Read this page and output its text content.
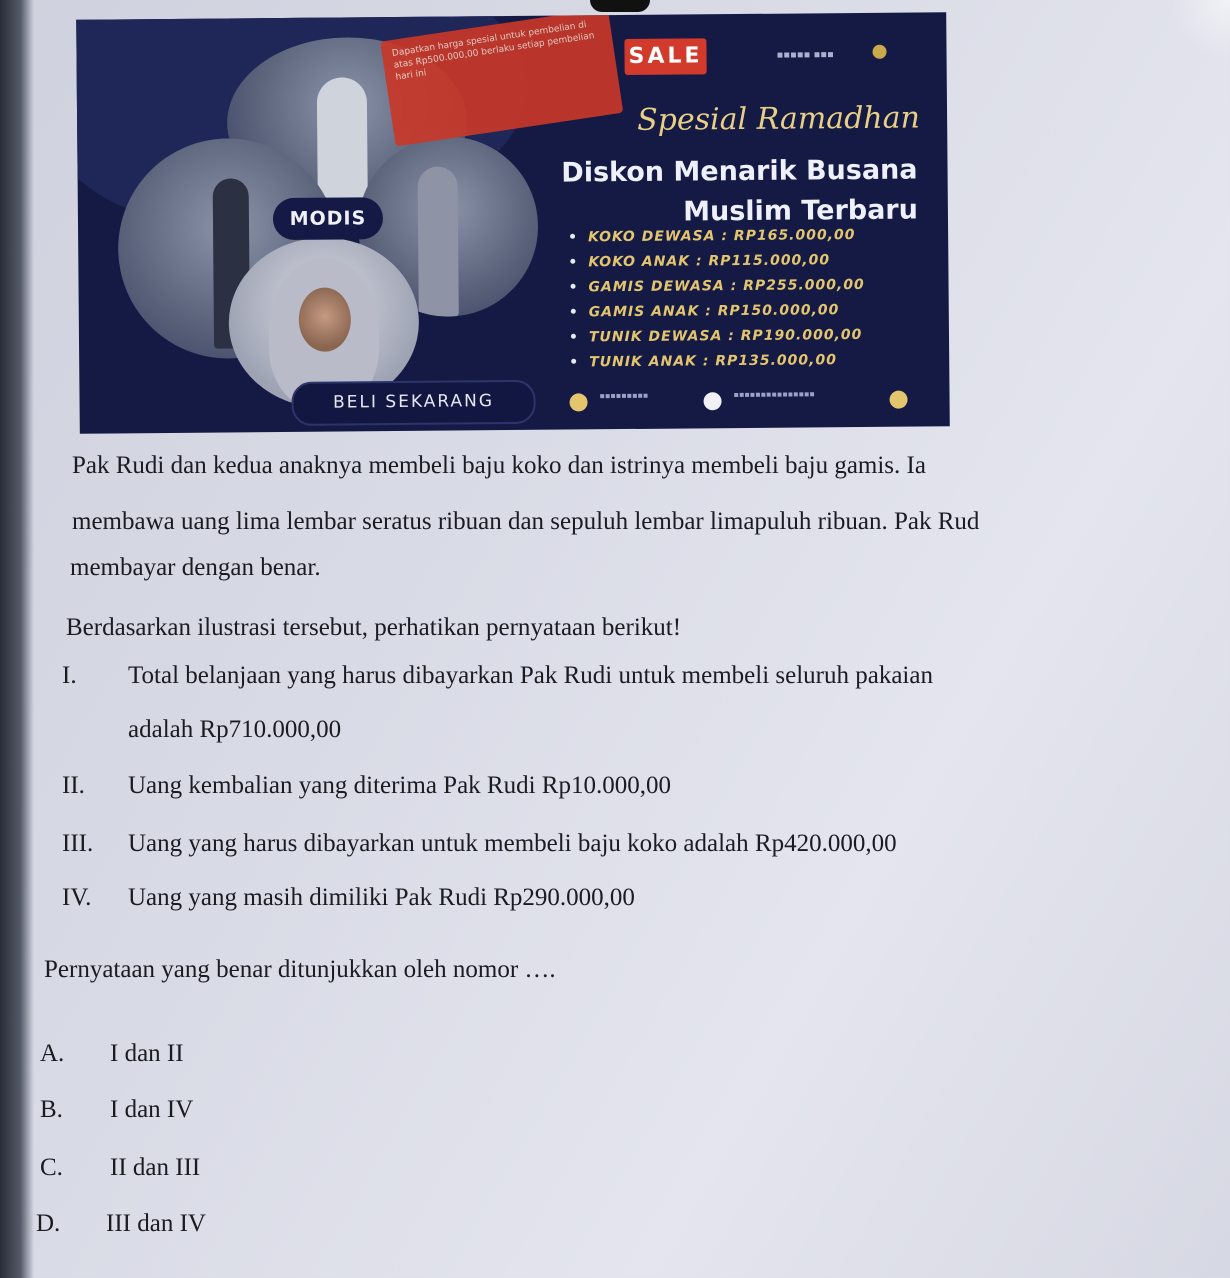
Dapatkan harga spesial untuk pembelian di atas Rp500.000,00 berlaku setiap pembelian hari ini
SALE	▪▪▪▪▪ ▪▪▪
Spesial Ramadhan
Diskon Menarik Busana
Muslim Terbaru
• KOKO DEWASA : RP165.000,00
• KOKO ANAK : RP115.000,00
• GAMIS DEWASA : RP255.000,00
• GAMIS ANAK : RP150.000,00
• TUNIK DEWASA : RP190.000,00
• TUNIK ANAK : RP135.000,00
MODIS
BELI SEKARANG	▪▪▪▪▪▪▪▪▪	▪▪▪▪▪▪▪▪▪▪▪▪▪▪▪

Pak Rudi dan kedua anaknya membeli baju koko dan istrinya membeli baju gamis. Ia

membawa uang lima lembar seratus ribuan dan sepuluh lembar limapuluh ribuan. Pak Rud

membayar dengan benar.

Berdasarkan ilustrasi tersebut, perhatikan pernyataan berikut!

I. Total belanjaan yang harus dibayarkan Pak Rudi untuk membeli seluruh pakaian

adalah Rp710.000,00

II. Uang kembalian yang diterima Pak Rudi Rp10.000,00

III. Uang yang harus dibayarkan untuk membeli baju koko adalah Rp420.000,00

IV. Uang yang masih dimiliki Pak Rudi Rp290.000,00

Pernyataan yang benar ditunjukkan oleh nomor ….

A. I dan II

B. I dan IV

C. II dan III

D. III dan IV
